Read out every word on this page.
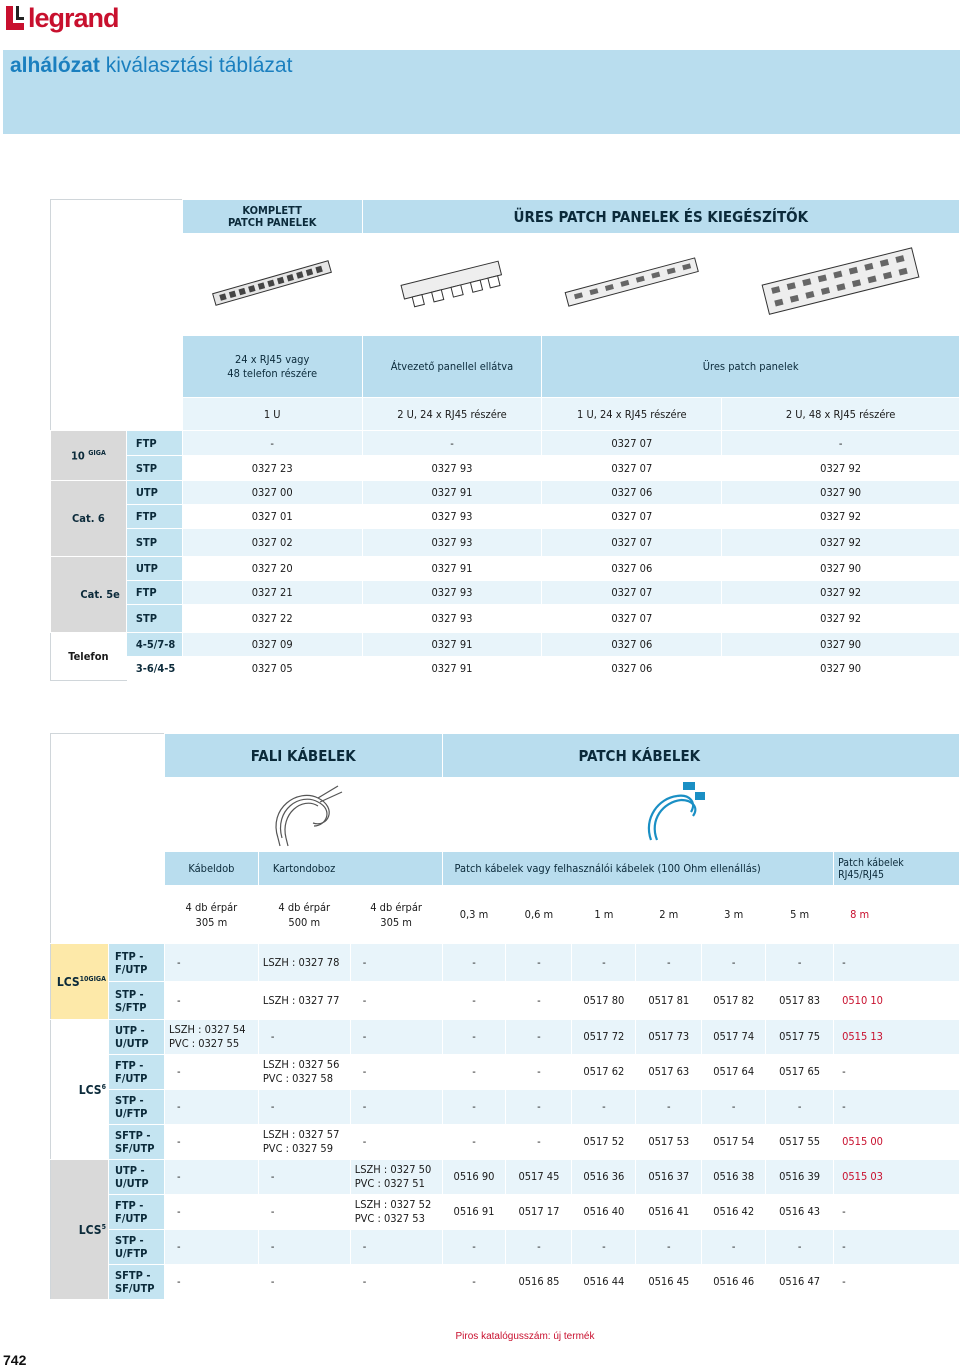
legrand
alhálózat kiválasztási táblázat
		KOMPLETT
PATCH PANELEK	ÜRES PATCH PANELEK ÉS KIEGÉSZÍTŐK		

		24 x RJ45 vagy
48 telefon részére	Átvezető panellel ellátva	Üres patch panelek	
		1 U	2 U, 24 x RJ45 részére	1 U, 24 x RJ45 részére	2 U, 48 x RJ45 részére
10 $^{GIGA}$	FTP	-	-	0327 07	-
	STP	0327 23	0327 93	0327 07	0327 92
Cat. 6	UTP	0327 00	0327 91	0327 06	0327 90
	FTP	0327 01	0327 93	0327 07	0327 92
	STP	0327 02	0327 93	0327 07	0327 92
Cat. 5e	UTP	0327 20	0327 91	0327 06	0327 90
	FTP	0327 21	0327 93	0327 07	0327 92
	STP	0327 22	0327 93	0327 07	0327 92
Telefon	4-5/7-8	0327 09	0327 91	0327 06	0327 90
	3-6/4-5	0327 05	0327 91	0327 06	0327 90
		FALI KÁBELEK			PATCH KÁBELEK						

		Kábeldob	Kartondoboz		Patch kábelek vagy felhasználói kábelek (100 Ohm ellenállás)						Patch kábelek
RJ45/RJ45
		4 db érpár
305 m	4 db érpár
500 m	4 db érpár
305 m	0,3 m	0,6 m	1 m	2 m	3 m	5 m	8 m
$LCS^{10GIGA}$	FTP -
F/UTP	-	LSZH : 0327 78	-	-	-	-	-	-	-	-
	STP -
S/FTP	-	LSZH : 0327 77	-	-	-	0517 80	0517 81	0517 82	0517 83	0510 10
LCS$^6$	UTP -
U/UTP	LSZH : 0327 54
PVC : 0327 55	-	-	-	-	0517 72	0517 73	0517 74	0517 75	0515 13
	FTP -
F/UTP	-	LSZH : 0327 56
PVC : 0327 58	-	-	-	0517 62	0517 63	0517 64	0517 65	-
	STP -
U/FTP	-	-	-	-	-	-	-	-	-	-
	SFTP -
SF/UTP	-	LSZH : 0327 57
PVC : 0327 59	-	-	-	0517 52	0517 53	0517 54	0517 55	0515 00
LCS$^5$	UTP -
U/UTP	-	-	LSZH : 0327 50
PVC : 0327 51	0516 90	0517 45	0516 36	0516 37	0516 38	0516 39	0515 03
	FTP -
F/UTP	-	-	LSZH : 0327 52
PVC : 0327 53	0516 91	0517 17	0516 40	0516 41	0516 42	0516 43	-
	STP -
U/FTP	-	-	-	-	-	-	-	-	-	-
	SFTP -
SF/UTP	-	-	-	-	0516 85	0516 44	0516 45	0516 46	0516 47	-
Piros katalógusszám: új termék
742
